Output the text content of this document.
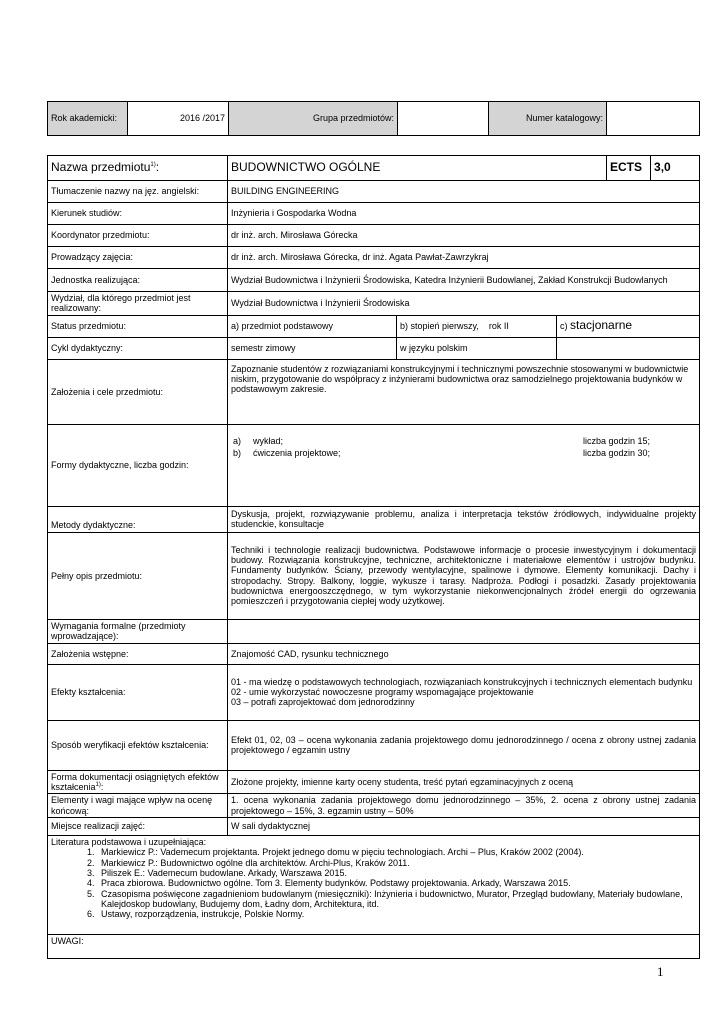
Rok akademicki:	2016 /2017	Grupa przedmiotów:		Numer katalogowy:	
Nazwa przedmiotu$^{1)}$:	BUDOWNICTWO OGÓLNE	ECTS	3,0
Tłumaczenie nazwy na jęz. angielski:	BUILDING ENGINEERING
Kierunek studiów:	Inżynieria i Gospodarka Wodna
Koordynator przedmiotu:	dr inż. arch. Mirosława Górecka
Prowadzący zajęcia:	dr inż. arch. Mirosława Górecka, dr inż. Agata Pawłat-Zawrzykraj
Jednostka realizująca:	Wydział Budownictwa i Inżynierii Środowiska, Katedra Inżynierii Budowlanej, Zakład Konstrukcji Budowlanych
Wydział, dla którego przedmiot jest realizowany:	Wydział Budownictwa i Inżynierii Środowiska
Status przedmiotu:	a) przedmiot podstawowy	b) stopień pierwszy, rok II	c) stacjonarne
Cykl dydaktyczny:	semestr zimowy	w języku polskim	
Założenia i cele przedmiotu:	Zapoznanie studentów z rozwiązaniami konstrukcyjnymi i technicznymi powszechnie stosowanymi w budownictwie niskim, przygotowanie do współpracy z inżynierami budownictwa oraz samodzielnego projektowania budynków w podstawowym zakresie.
Formy dydaktyczne, liczba godzin:	
a)	wykład;	liczba godzin 15;
b)	ćwiczenia projektowe;	liczba godzin 30;

Metody dydaktyczne:	Dyskusja, projekt, rozwiązywanie problemu, analiza i interpretacja tekstów źródłowych, indywidualne projekty studenckie, konsultacje
Pełny opis przedmiotu:	Techniki i technologie realizacji budownictwa. Podstawowe informacje o procesie inwestycyjnym i dokumentacji budowy. Rozwiązania konstrukcyjne, techniczne, architektoniczne i materiałowe elementów i ustrojów budynku. Fundamenty budynków. Ściany, przewody wentylacyjne, spalinowe i dymowe. Elementy komunikacji. Dachy i stropodachy. Stropy. Balkony, loggie, wykusze i tarasy. Nadproża. Podłogi i posadzki. Zasady projektowania budownictwa energooszczędnego, w tym wykorzystanie niekonwencjonalnych źródeł energii do ogrzewania pomieszczeń i przygotowania ciepłej wody użytkowej.
Wymagania formalne (przedmioty wprowadzające):	
Założenia wstępne:	Znajomość CAD, rysunku technicznego
Efekty kształcenia:	
01 - ma wiedzę o podstawowych technologiach, rozwiązaniach konstrukcyjnych i technicznych elementach budynku
02 - umie wykorzystać nowoczesne programy wspomagające projektowanie
03 – potrafi zaprojektować dom jednorodzinny

Sposób weryfikacji efektów kształcenia:	Efekt 01, 02, 03 – ocena wykonania zadania projektowego domu jednorodzinnego / ocena z obrony ustnej zadania projektowego / egzamin ustny
Forma dokumentacji osiągniętych efektów kształcenia$^{1)}$:	Złożone projekty, imienne karty oceny studenta, treść pytań egzaminacyjnych z oceną
Elementy i wagi mające wpływ na ocenę końcową:	1. ocena wykonania zadania projektowego domu jednorodzinnego – 35%, 2. ocena z obrony ustnej zadania projektowego – 15%, 3. egzamin ustny – 50%
Miejsce realizacji zajęć:	W sali dydaktycznej

Literatura podstawowa i uzupełniająca:
1. Markiewicz P.: Vademecum projektanta. Projekt jednego domu w pięciu technologiach. Archi – Plus, Kraków 2002 (2004).
2. Markiewicz P.: Budownictwo ogólne dla architektów. Archi-Plus, Kraków 2011.
3. Piliszek E.: Vademecum budowlane. Arkady, Warszawa 2015.
4. Praca zbiorowa. Budownictwo ogólne. Tom 3. Elementy budynków. Podstawy projektowania. Arkady, Warszawa 2015.
5. Czasopisma poświęcone zagadnieniom budowlanym (miesięczniki): Inżynieria i budownictwo, Murator, Przegląd budowlany, Materiały budowlane, Kalejdoskop budowlany, Budujemy dom, Ładny dom, Architektura, itd.
6. Ustawy, rozporządzenia, instrukcje, Polskie Normy.

UWAGI:
1
